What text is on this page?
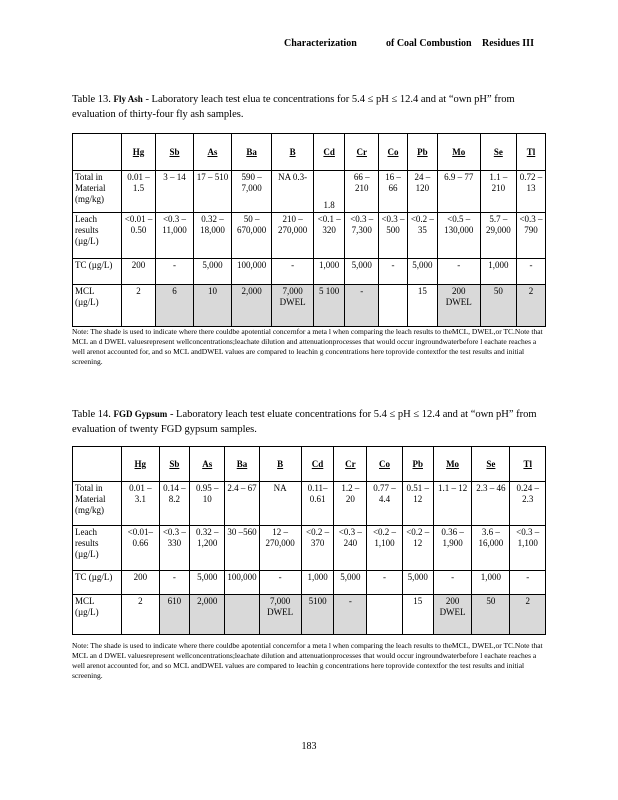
Characterization	of Coal Combustion Residues III
Table 13. Fly Ash - Laboratory leach test elua te concentrations for 5.4 ≤ pH ≤ 12.4 and at “own pH” from evaluation of thirty-four fly ash samples.
	Hg	Sb	As	Ba	B	Cd	Cr	Co	Pb	Mo	Se	Tl
Total in Material (mg/kg)	0.01 – 1.5	3 – 14	17 – 510	590 – 7,000	NA 0.3-	1.8	66 – 210	16 – 66	24 – 120	6.9 – 77	1.1 – 210	0.72 – 13
Leach results (µg/L)	<0.01 – 0.50	<0.3 – 11,000	0.32 – 18,000	50 – 670,000	210 – 270,000	<0.1 – 320	<0.3 – 7,300	<0.3 – 500	<0.2 – 35	<0.5 – 130,000	5.7 – 29,000	<0.3 – 790
TC (µg/L)	200	-	5,000	100,000	-	1,000	5,000	-	5,000	-	1,000	-
MCL (µg/L)	2	6	10	2,000	7,000 DWEL	5 100	-		15	200 DWEL	50	2
Note: The shade is used to indicate where there couldbe apotential concernfor a meta l when comparing the leach results to theMCL, DWEL,or TC.Note that MCL an d DWEL valuesrepresent wellconcentrations;leachate dilution and attenuationprocesses that would occur ingroundwaterbefore l eachate reaches a well arenot accounted for, and so MCL andDWEL values are compared to leachin g concentrations here toprovide contextfor the test results and initial screening.
Table 14. FGD Gypsum - Laboratory leach test eluate concentrations for 5.4 ≤ pH ≤ 12.4 and at “own pH” from evaluation of twenty FGD gypsum samples.
	Hg	Sb	As	Ba	B	Cd	Cr	Co	Pb	Mo	Se	Tl
Total in Material (mg/kg)	0.01 – 3.1	0.14 – 8.2	0.95 – 10	2.4 – 67	NA	0.11– 0.61	1.2 – 20	0.77 – 4.4	0.51 – 12	1.1 – 12	2.3 – 46	0.24 – 2.3
Leach results (µg/L)	<0.01– 0.66	<0.3 – 330	0.32 – 1,200	30 –560	12 – 270,000	<0.2 – 370	<0.3 – 240	<0.2 – 1,100	<0.2 – 12	0.36 – 1,900	3.6 – 16,000	<0.3 – 1,100
TC (µg/L)	200	-	5,000	100,000	-	1,000	5,000	-	5,000	-	1,000	-
MCL (µg/L)	2	610	2,000		7,000 DWEL	5100	-		15	200 DWEL	50	2
Note: The shade is used to indicate where there couldbe apotential concernfor a meta l when comparing the leach results to theMCL, DWEL,or TC.Note that MCL an d DWEL valuesrepresent wellconcentrations;leachate dilution and attenuationprocesses that would occur ingroundwaterbefore l eachate reaches a well arenot accounted for, and so MCL andDWEL values are compared to leachin g concentrations here toprovide contextfor the test results and initial screening.
183
